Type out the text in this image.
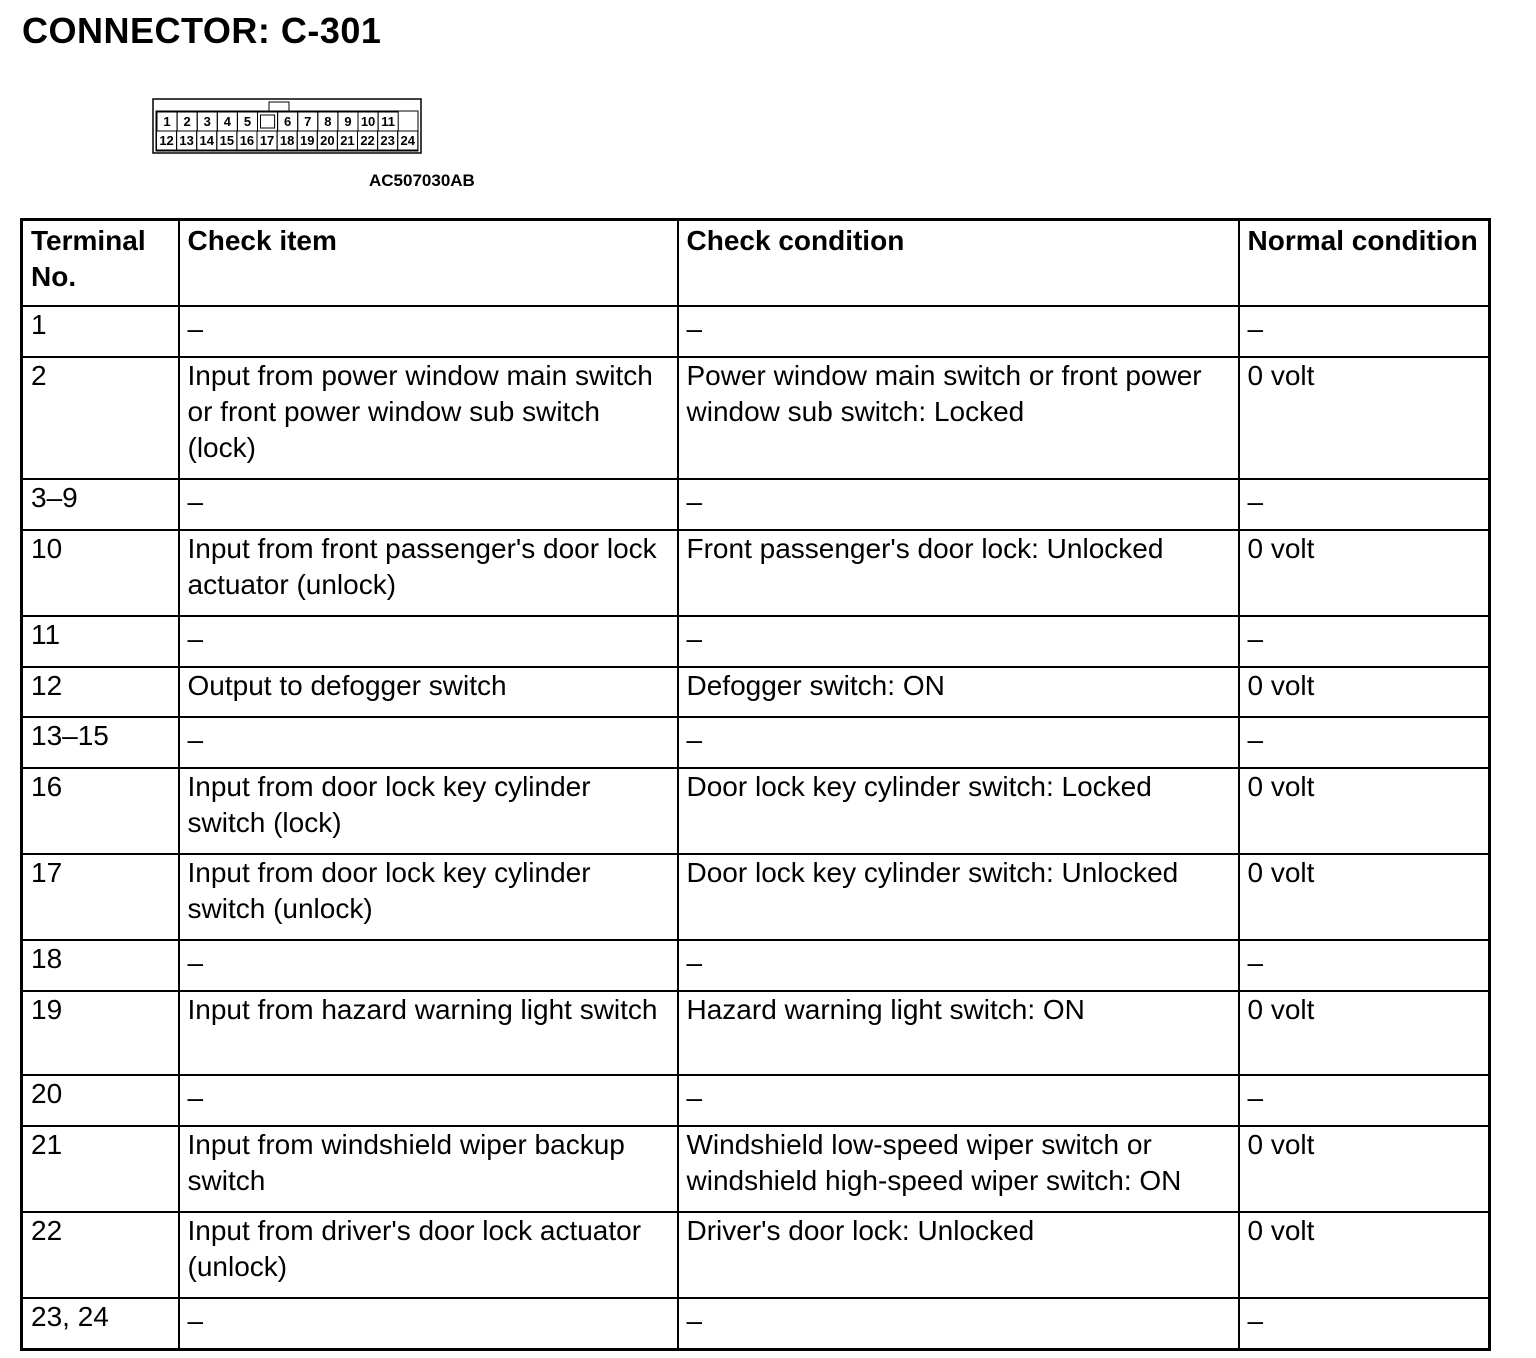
CONNECTOR: C-301
1 2 3 4 5	6 7 8 9 10 11
12 13 14 15 16 17 18 19 20 21 22 23 24
AC507030AB
Terminal No.	Check item	Check condition	Normal condition
1	–	–	–
2	Input from power window main switch or front power window sub switch (lock)	Power window main switch or front power window sub switch: Locked	0 volt
3–9	–	–	–
10	Input from front passenger's door lock actuator (unlock)	Front passenger's door lock: Unlocked	0 volt
11	–	–	–
12	Output to defogger switch	Defogger switch: ON	0 volt
13–15	–	–	–
16	Input from door lock key cylinder switch (lock)	Door lock key cylinder switch: Locked	0 volt
17	Input from door lock key cylinder switch (unlock)	Door lock key cylinder switch: Unlocked	0 volt
18	–	–	–
19	Input from hazard warning light switch	Hazard warning light switch: ON	0 volt
20	–	–	–
21	Input from windshield wiper backup switch	Windshield low-speed wiper switch or windshield high-speed wiper switch: ON	0 volt
22	Input from driver's door lock actuator (unlock)	Driver's door lock: Unlocked	0 volt
23, 24	–	–	–
